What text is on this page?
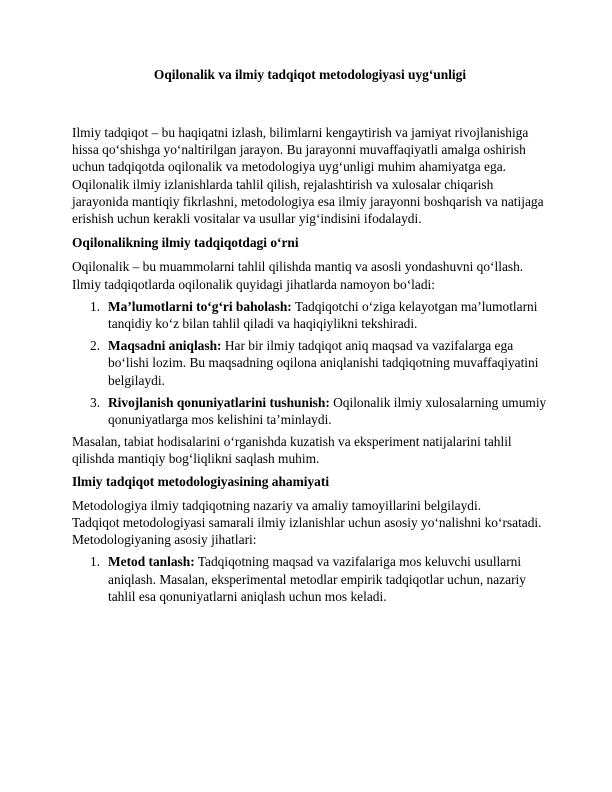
Oqilonalik va ilmiy tadqiqot metodologiyasi uyg‘unligi

Ilmiy tadqiqot – bu haqiqatni izlash, bilimlarni kengaytirish va jamiyat rivojlanishiga hissa qo‘shishga yo‘naltirilgan jarayon. Bu jarayonni muvaffaqiyatli amalga oshirish uchun tadqiqotda oqilonalik va metodologiya uyg‘unligi muhim ahamiyatga ega. Oqilonalik ilmiy izlanishlarda tahlil qilish, rejalashtirish va xulosalar chiqarish jarayonida mantiqiy fikrlashni, metodologiya esa ilmiy jarayonni boshqarish va natijaga erishish uchun kerakli vositalar va usullar yig‘indisini ifodalaydi.

Oqilonalikning ilmiy tadqiqotdagi o‘rni

Oqilonalik – bu muammolarni tahlil qilishda mantiq va asosli yondashuvni qo‘llash. Ilmiy tadqiqotlarda oqilonalik quyidagi jihatlarda namoyon bo‘ladi:

1. Ma’lumotlarni to‘g‘ri baholash: Tadqiqotchi o‘ziga kelayotgan ma’lumotlarni tanqidiy ko‘z bilan tahlil qiladi va haqiqiylikni tekshiradi.
2. Maqsadni aniqlash: Har bir ilmiy tadqiqot aniq maqsad va vazifalarga ega bo‘lishi lozim. Bu maqsadning oqilona aniqlanishi tadqiqotning muvaffaqiyatini belgilaydi.
3. Rivojlanish qonuniyatlarini tushunish: Oqilonalik ilmiy xulosalarning umumiy qonuniyatlarga mos kelishini ta’minlaydi.

Masalan, tabiat hodisalarini o‘rganishda kuzatish va eksperiment natijalarini tahlil qilishda mantiqiy bog‘liqlikni saqlash muhim.

Ilmiy tadqiqot metodologiyasining ahamiyati

Metodologiya ilmiy tadqiqotning nazariy va amaliy tamoyillarini belgilaydi.

Tadqiqot metodologiyasi samarali ilmiy izlanishlar uchun asosiy yo‘nalishni ko‘rsatadi.

Metodologiyaning asosiy jihatlari:

1. Metod tanlash: Tadqiqotning maqsad va vazifalariga mos keluvchi usullarni aniqlash. Masalan, eksperimental metodlar empirik tadqiqotlar uchun, nazariy tahlil esa qonuniyatlarni aniqlash uchun mos keladi.
